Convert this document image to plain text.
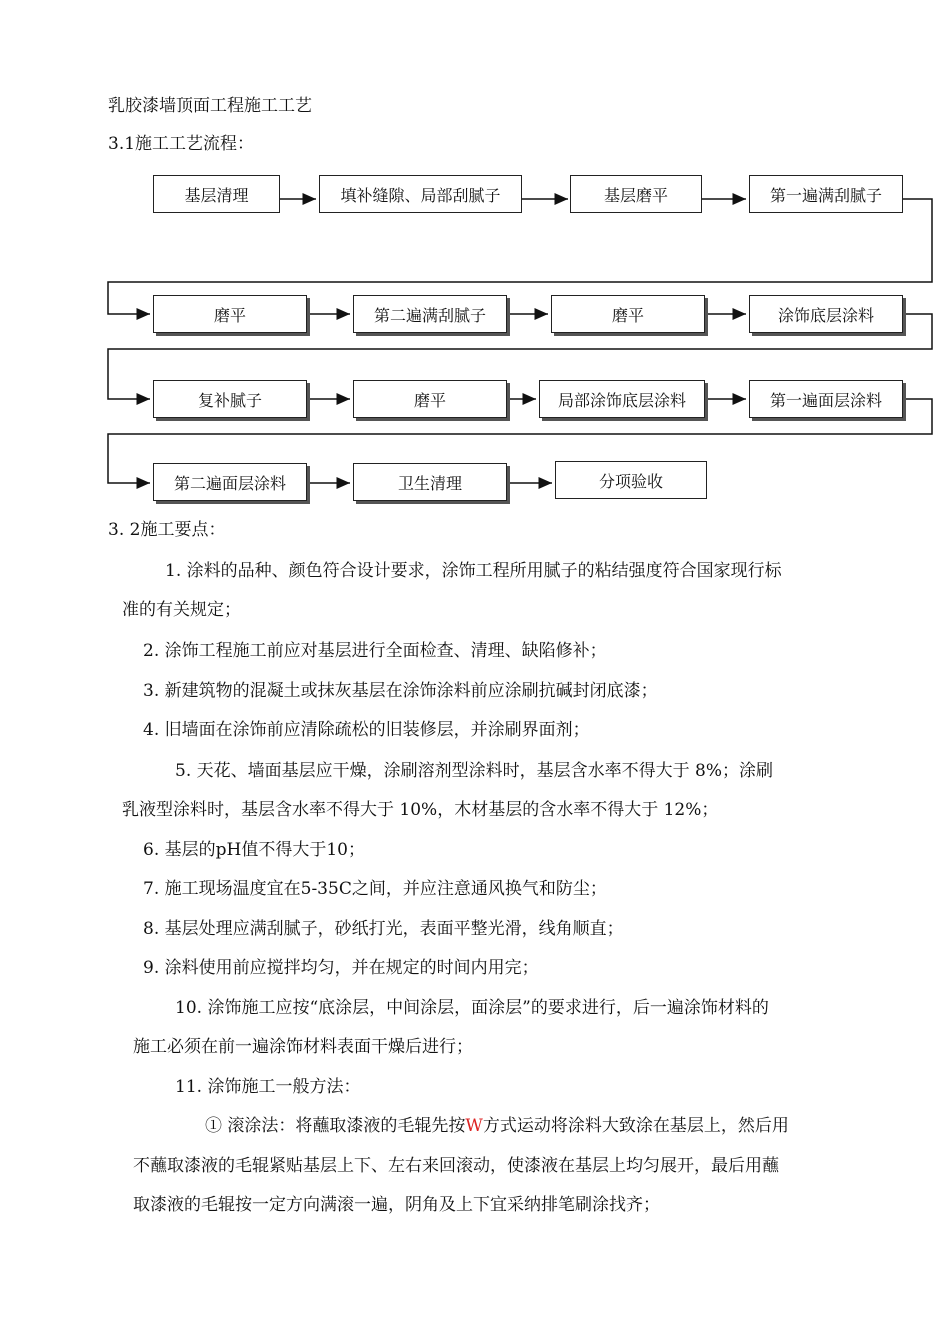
乳胶漆墙顶面工程施工工艺
3.1施工工艺流程：
基层清理	填补缝隙、局部刮腻子	基层磨平	第一遍满刮腻子
磨平	第二遍满刮腻子	磨平	涂饰底层涂料
复补腻子	磨平	局部涂饰底层涂料	第一遍面层涂料
第二遍面层涂料	卫生清理	分项验收
3. 2施工要点：
1. 涂料的品种、颜色符合设计要求，涂饰工程所用腻子的粘结强度符合国家现行标
准的有关规定；
2. 涂饰工程施工前应对基层进行全面检查、清理、缺陷修补；
3. 新建筑物的混凝土或抹灰基层在涂饰涂料前应涂刷抗碱封闭底漆；
4. 旧墙面在涂饰前应清除疏松的旧装修层，并涂刷界面剂；
5. 天花、墙面基层应干燥，涂刷溶剂型涂料时，基层含水率不得大于 8%；涂刷
乳液型涂料时，基层含水率不得大于 10%，木材基层的含水率不得大于 12%；
6. 基层的pH值不得大于10；
7. 施工现场温度宜在5-35C之间，并应注意通风换气和防尘；
8. 基层处理应满刮腻子，砂纸打光，表面平整光滑，线角顺直；
9. 涂料使用前应搅拌均匀，并在规定的时间内用完；
10. 涂饰施工应按“底涂层，中间涂层，面涂层”的要求进行，后一遍涂饰材料的
施工必须在前一遍涂饰材料表面干燥后进行；
11. 涂饰施工一般方法：
① 滚涂法：将蘸取漆液的毛辊先按W方式运动将涂料大致涂在基层上，然后用
不蘸取漆液的毛辊紧贴基层上下、左右来回滚动，使漆液在基层上均匀展开，最后用蘸
取漆液的毛辊按一定方向满滚一遍，阴角及上下宜采纳排笔刷涂找齐；
